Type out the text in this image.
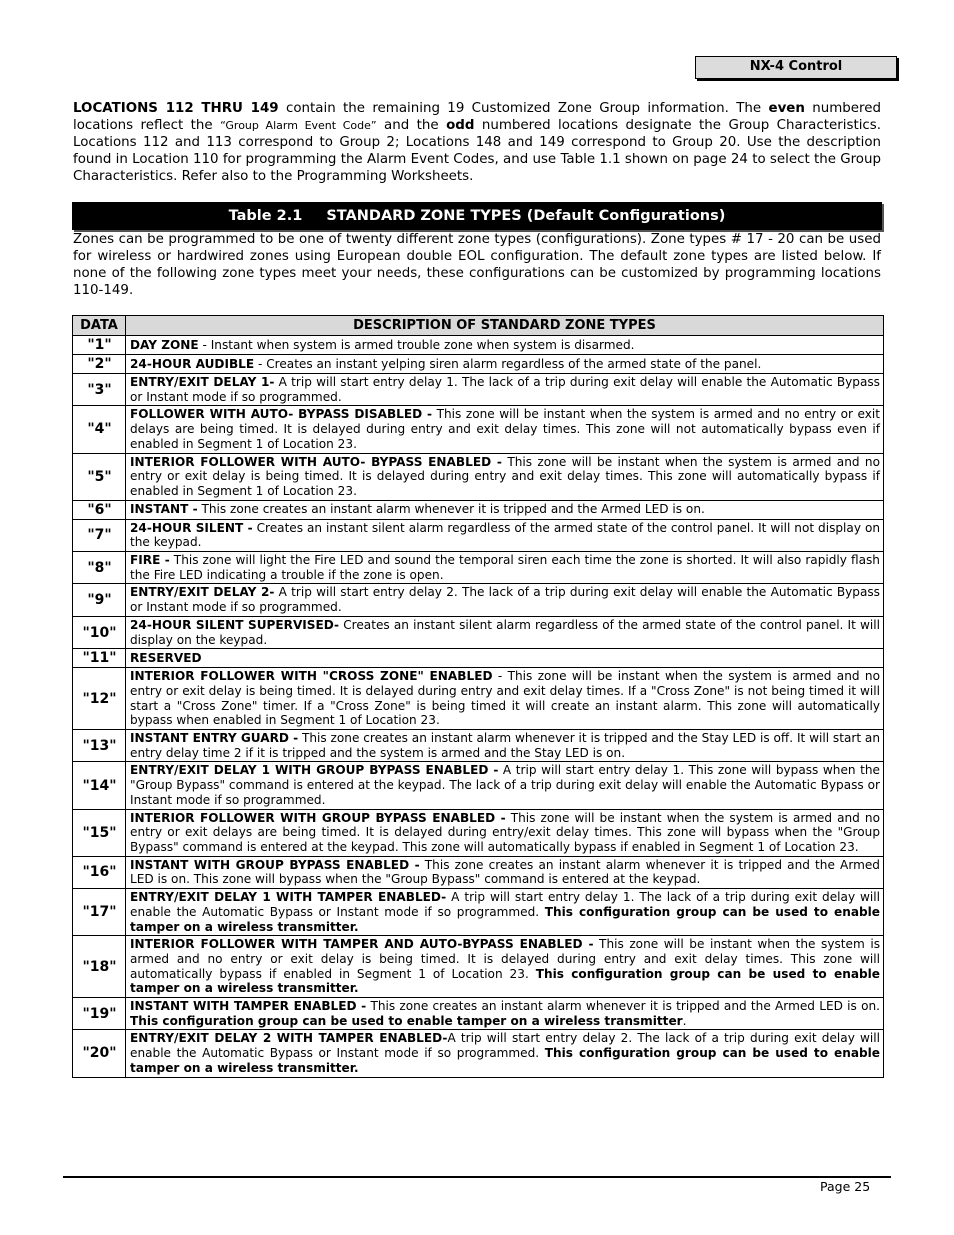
NX-4 Control

LOCATIONS 112 THRU 149 contain the remaining 19 Customized Zone Group information. The even numbered locations reflect the “Group Alarm Event Code” and the odd numbered locations designate the Group Characteristics. Locations 112 and 113 correspond to Group 2; Locations 148 and 149 correspond to Group 20. Use the description found in Location 110 for programming the Alarm Event Codes, and use Table 1.1 shown on page 24 to select the Group Characteristics. Refer also to the Programming Worksheets.

Table 2.1 STANDARD ZONE TYPES (Default Configurations)

Zones can be programmed to be one of twenty different zone types (configurations). Zone types # 17 - 20 can be used for wireless or hardwired zones using European double EOL configuration. The default zone types are listed below. If none of the following zone types meet your needs, these configurations can be customized by programming locations 110-149.

DATA	DESCRIPTION OF STANDARD ZONE TYPES
"1"	DAY ZONE - Instant when system is armed trouble zone when system is disarmed.
"2"	24-HOUR AUDIBLE - Creates an instant yelping siren alarm regardless of the armed state of the panel.
"3"	ENTRY/EXIT DELAY 1- A trip will start entry delay 1. The lack of a trip during exit delay will enable the Automatic Bypass or Instant mode if so programmed.
"4"	FOLLOWER WITH AUTO- BYPASS DISABLED - This zone will be instant when the system is armed and no entry or exit delays are being timed. It is delayed during entry and exit delay times. This zone will not automatically bypass even if enabled in Segment 1 of Location 23.
"5"	INTERIOR FOLLOWER WITH AUTO- BYPASS ENABLED - This zone will be instant when the system is armed and no entry or exit delay is being timed. It is delayed during entry and exit delay times. This zone will automatically bypass if enabled in Segment 1 of Location 23.
"6"	INSTANT - This zone creates an instant alarm whenever it is tripped and the Armed LED is on.
"7"	24-HOUR SILENT - Creates an instant silent alarm regardless of the armed state of the control panel. It will not display on the keypad.
"8"	FIRE - This zone will light the Fire LED and sound the temporal siren each time the zone is shorted. It will also rapidly flash the Fire LED indicating a trouble if the zone is open.
"9"	ENTRY/EXIT DELAY 2- A trip will start entry delay 2. The lack of a trip during exit delay will enable the Automatic Bypass or Instant mode if so programmed.
"10"	24-HOUR SILENT SUPERVISED- Creates an instant silent alarm regardless of the armed state of the control panel. It will display on the keypad.
"11"	RESERVED
"12"	INTERIOR FOLLOWER WITH "CROSS ZONE" ENABLED - This zone will be instant when the system is armed and no entry or exit delay is being timed. It is delayed during entry and exit delay times. If a "Cross Zone" is not being timed it will start a "Cross Zone" timer. If a "Cross Zone" is being timed it will create an instant alarm. This zone will automatically bypass when enabled in Segment 1 of Location 23.
"13"	INSTANT ENTRY GUARD - This zone creates an instant alarm whenever it is tripped and the Stay LED is off. It will start an entry delay time 2 if it is tripped and the system is armed and the Stay LED is on.
"14"	ENTRY/EXIT DELAY 1 WITH GROUP BYPASS ENABLED - A trip will start entry delay 1. This zone will bypass when the "Group Bypass" command is entered at the keypad. The lack of a trip during exit delay will enable the Automatic Bypass or Instant mode if so programmed.
"15"	INTERIOR FOLLOWER WITH GROUP BYPASS ENABLED - This zone will be instant when the system is armed and no entry or exit delays are being timed. It is delayed during entry/exit delay times. This zone will bypass when the "Group Bypass" command is entered at the keypad. This zone will automatically bypass if enabled in Segment 1 of Location 23.
"16"	INSTANT WITH GROUP BYPASS ENABLED - This zone creates an instant alarm whenever it is tripped and the Armed LED is on. This zone will bypass when the "Group Bypass" command is entered at the keypad.
"17"	ENTRY/EXIT DELAY 1 WITH TAMPER ENABLED- A trip will start entry delay 1. The lack of a trip during exit delay will enable the Automatic Bypass or Instant mode if so programmed. This configuration group can be used to enable tamper on a wireless transmitter.
"18"	INTERIOR FOLLOWER WITH TAMPER AND AUTO-BYPASS ENABLED - This zone will be instant when the system is armed and no entry or exit delay is being timed. It is delayed during entry and exit delay times. This zone will automatically bypass if enabled in Segment 1 of Location 23. This configuration group can be used to enable tamper on a wireless transmitter.
"19"	INSTANT WITH TAMPER ENABLED - This zone creates an instant alarm whenever it is tripped and the Armed LED is on. This configuration group can be used to enable tamper on a wireless transmitter.
"20"	ENTRY/EXIT DELAY 2 WITH TAMPER ENABLED-A trip will start entry delay 2. The lack of a trip during exit delay will enable the Automatic Bypass or Instant mode if so programmed. This configuration group can be used to enable tamper on a wireless transmitter.
Page 25
